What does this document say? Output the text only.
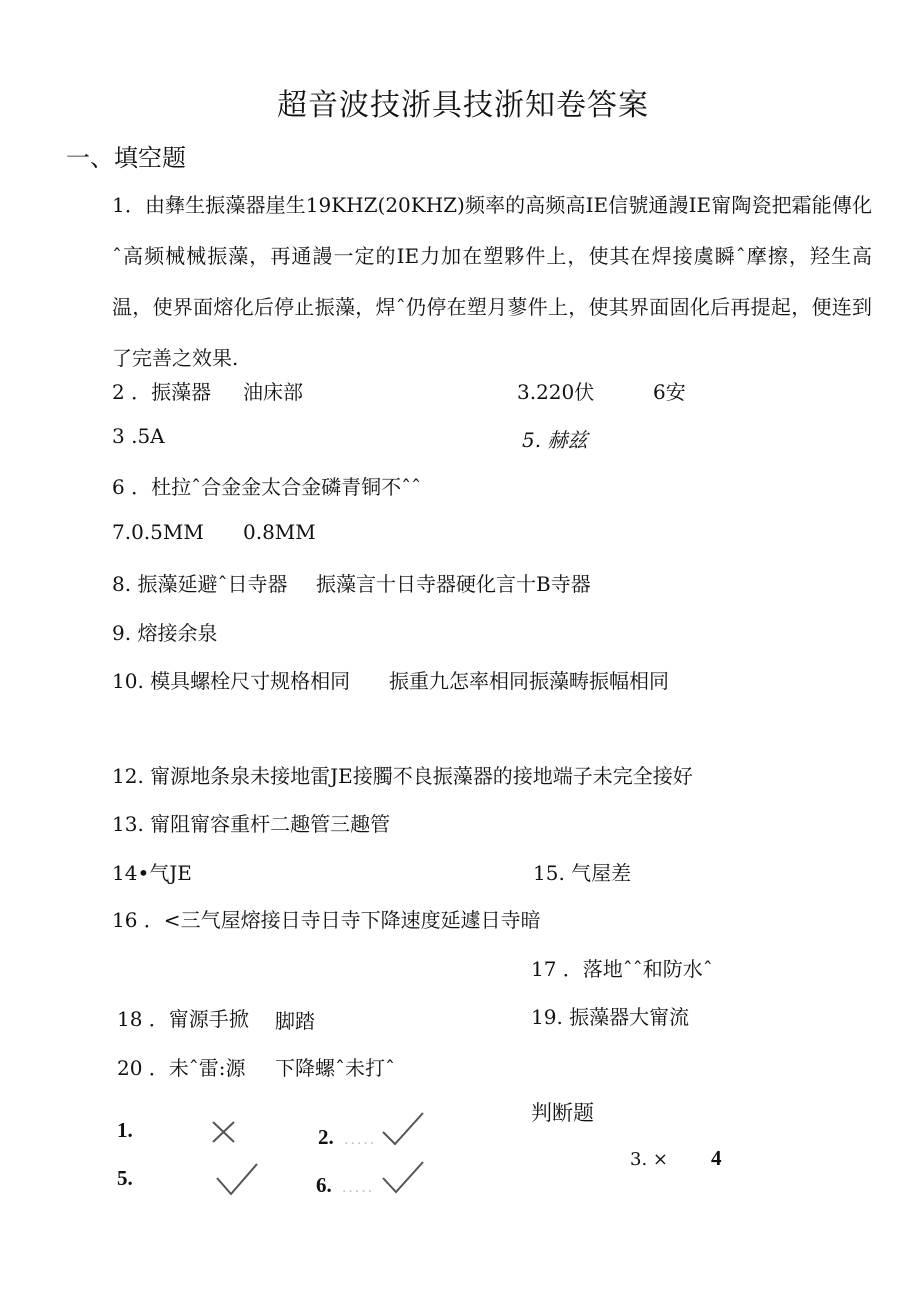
超音波技浙具技浙知卷答案
一、填空题
1．由彝生振藻器崖生19KHZ(20KHZ)频率的高频高IE信號通謾IE甯陶瓷把霜能傳化ˆ高频械械振藻，再通謾一定的IE力加在塑夥件上，使其在焊接虞瞬ˆ摩擦，羟生高温，使界面熔化后停止振藻，焊ˆ仍停在塑月蓼件上，使其界面固化后再提起，便连到了完善之效果.
2 ．振藻器 油床部	3.220伏	6安
3 .5A	5. 赫兹
6 ．杜拉ˆ合金金太合金磷青铜不ˆˆ
7.0.5MM 0.8MM
8. 振藻延避ˆ日寺器 振藻言十日寺器硬化言十B寺器
9. 熔接余泉
10. 模具螺栓尺寸规格相同 振重九怎率相同振藻畴振幅相同
12. 甯源地条泉未接地雷JE接臅不良振藻器的接地端子未完全接好
13. 甯阻甯容重杆二趣管三趣管
14•气JE	15. 气屋差
16 ．<三气屋熔接日寺日寺下降速度延遽日寺暗
17 ．落地ˆˆ和防水ˆ
18 ．甯源手掀 脚踏	19. 振藻器大甯流
20 ．未ˆ雷:源 下降螺ˆ未打ˆ
判断题
1.	2. .....
5.	6. .....
3. × 4
